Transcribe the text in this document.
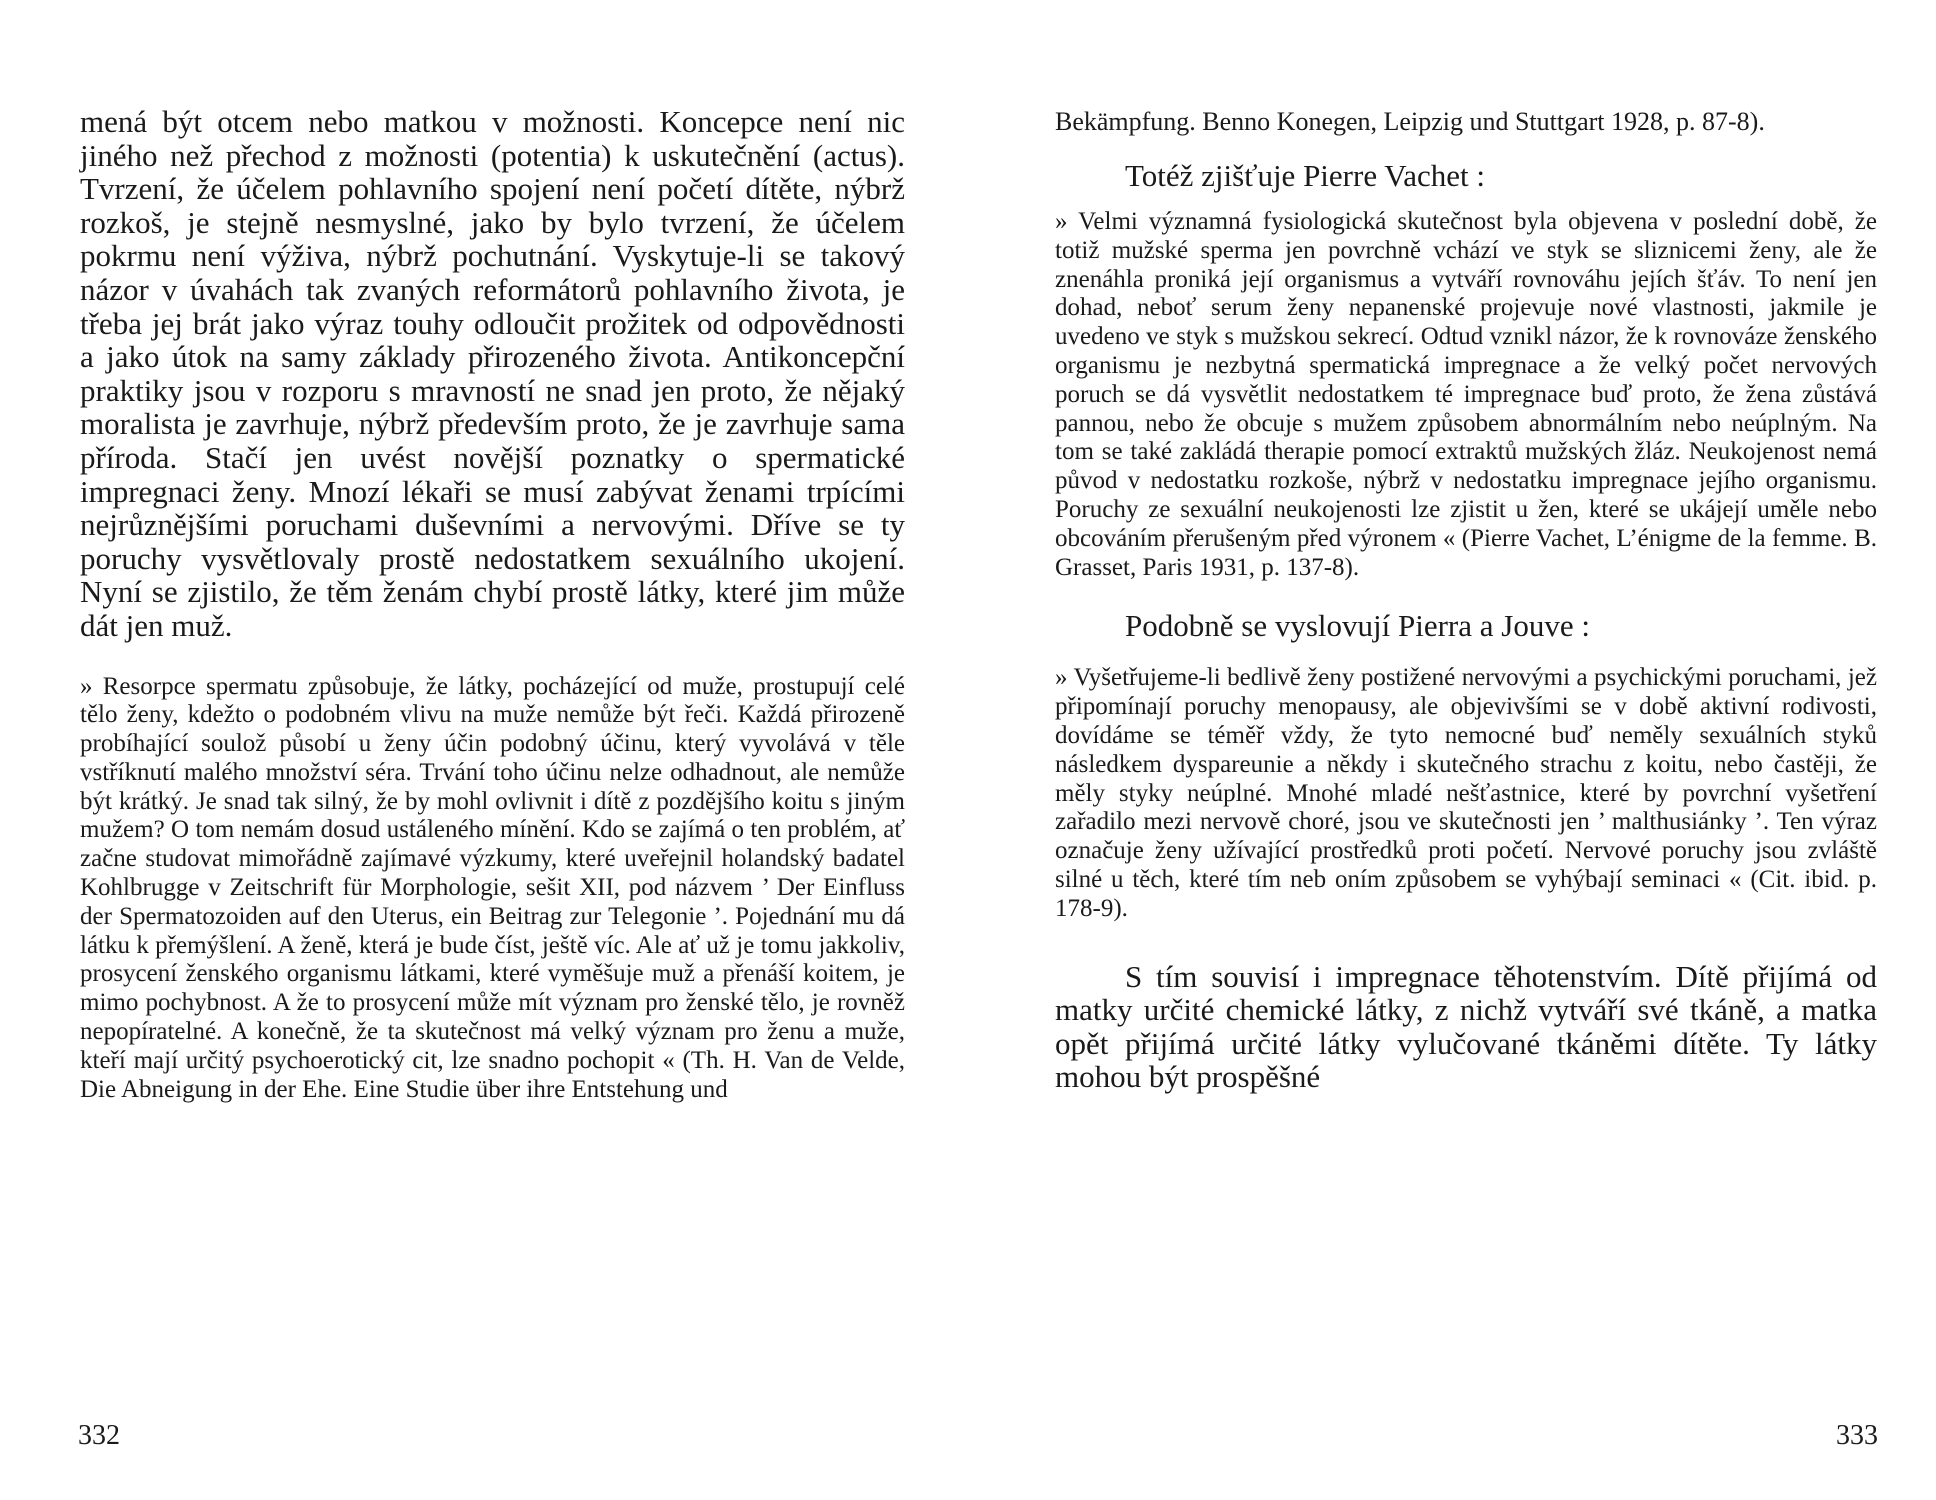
mená být otcem nebo matkou v možnosti. Koncepce není nic jiného než přechod z možnosti (potentia) k uskutečnění (actus). Tvrzení, že účelem pohlavního spojení není početí dítěte, nýbrž rozkoš, je stejně nesmyslné, jako by bylo tvrzení, že účelem pokrmu není výživa, nýbrž pochutnání. Vyskytuje-li se takový názor v úvahách tak zvaných reformátorů pohlavního života, je třeba jej brát jako výraz touhy odloučit prožitek od odpovědnosti a jako útok na samy základy přirozeného života. Antikoncepční praktiky jsou v rozporu s mravností ne snad jen proto, že nějaký moralista je zavrhuje, nýbrž především proto, že je zavrhuje sama příroda. Stačí jen uvést novější poznatky o spermatické impregnaci ženy. Mnozí lékaři se musí zabývat ženami trpícími nejrůznějšími poruchami duševními a nervovými. Dříve se ty poruchy vysvětlovaly prostě nedostatkem sexuálního ukojení. Nyní se zjistilo, že těm ženám chybí prostě látky, které jim může dát jen muž.

» Resorpce spermatu způsobuje, že látky, pocházející od muže, prostupují celé tělo ženy, kdežto o podobném vlivu na muže nemůže být řeči. Každá přirozeně probíhající soulož působí u ženy účin podobný účinu, který vyvolává v těle vstříknutí malého množství séra. Trvání toho účinu nelze odhadnout, ale nemůže být krátký. Je snad tak silný, že by mohl ovlivnit i dítě z pozdějšího koitu s jiným mužem? O tom nemám dosud ustáleného mínění. Kdo se zajímá o ten problém, ať začne studovat mimořádně zajímavé výzkumy, které uveřejnil holandský badatel Kohlbrugge v Zeitschrift für Morphologie, sešit XII, pod názvem ’ Der Einfluss der Spermatozoiden auf den Uterus, ein Beitrag zur Telegonie ’. Pojednání mu dá látku k přemýšlení. A ženě, která je bude číst, ještě víc. Ale ať už je tomu jakkoliv, prosycení ženského organismu látkami, které vyměšuje muž a přenáší koitem, je mimo pochybnost. A že to prosycení může mít význam pro ženské tělo, je rovněž nepopíratelné. A konečně, že ta skutečnost má velký význam pro ženu a muže, kteří mají určitý psychoerotický cit, lze snadno pochopit « (Th. H. Van de Velde, Die Abneigung in der Ehe. Eine Studie über ihre Entstehung und

332

Bekämpfung. Benno Konegen, Leipzig und Stuttgart 1928, p. 87-8).

Totéž zjišťuje Pierre Vachet :

» Velmi významná fysiologická skutečnost byla objevena v poslední době, že totiž mužské sperma jen povrchně vchází ve styk se sliznicemi ženy, ale že znenáhla proniká její organismus a vytváří rovnováhu jejích šťáv. To není jen dohad, neboť serum ženy nepanenské projevuje nové vlastnosti, jakmile je uvedeno ve styk s mužskou sekrecí. Odtud vznikl názor, že k rovnováze ženského organismu je nezbytná spermatická impregnace a že velký počet nervových poruch se dá vysvětlit nedostatkem té impregnace buď proto, že žena zůstává pannou, nebo že obcuje s mužem způsobem abnormálním nebo neúplným. Na tom se také zakládá therapie pomocí extraktů mužských žláz. Neukojenost nemá původ v nedostatku rozkoše, nýbrž v nedostatku impregnace jejího organismu. Poruchy ze sexuální neukojenosti lze zjistit u žen, které se ukájejí uměle nebo obcováním přerušeným před výronem « (Pierre Vachet, L’énigme de la femme. B. Grasset, Paris 1931, p. 137-8).

Podobně se vyslovují Pierra a Jouve :

» Vyšetřujeme-li bedlivě ženy postižené nervovými a psychickými poruchami, jež připomínají poruchy menopausy, ale objevivšími se v době aktivní rodivosti, dovídáme se téměř vždy, že tyto nemocné buď neměly sexuálních styků následkem dyspareunie a někdy i skutečného strachu z koitu, nebo častěji, že měly styky neúplné. Mnohé mladé nešťastnice, které by povrchní vyšetření zařadilo mezi nervově choré, jsou ve skutečnosti jen ’ malthusiánky ’. Ten výraz označuje ženy užívající prostředků proti početí. Nervové poruchy jsou zvláště silné u těch, které tím neb oním způsobem se vyhýbají seminaci « (Cit. ibid. p. 178-9).

S tím souvisí i impregnace těhotenstvím. Dítě přijímá od matky určité chemické látky, z nichž vytváří své tkáně, a matka opět přijímá určité látky vylučované tkáněmi dítěte. Ty látky mohou být prospěšné

333
